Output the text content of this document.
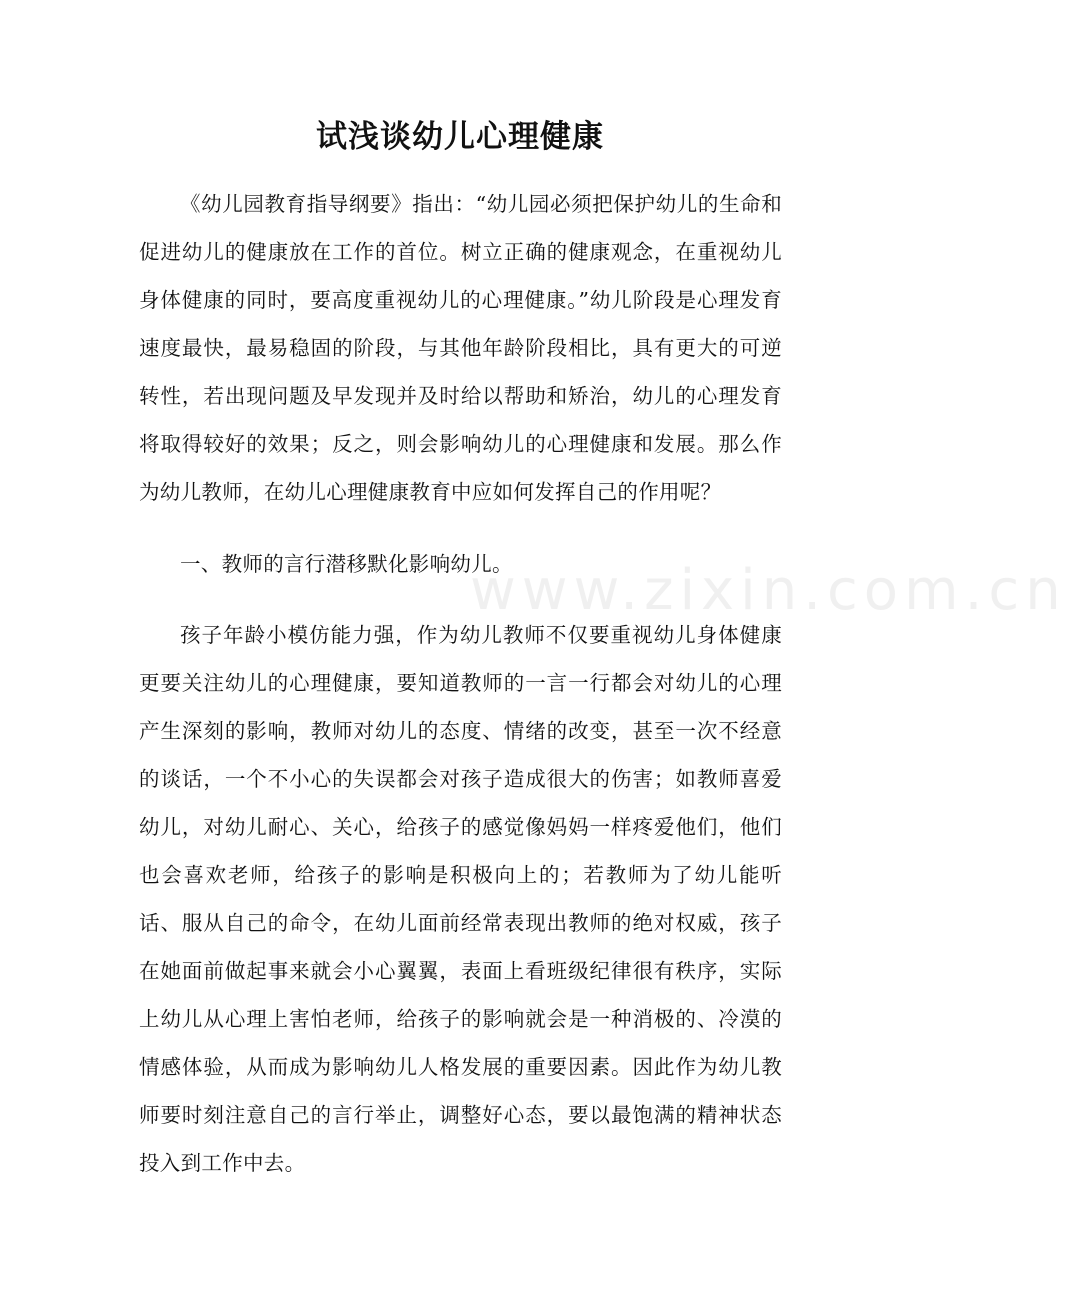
www.zixin.com.cn
试浅谈幼儿心理健康

《幼儿园教育指导纲要》指出：“幼儿园必须把保护幼儿的生命和促进幼儿的健康放在工作的首位。树立正确的健康观念，在重视幼儿身体健康的同时，要高度重视幼儿的心理健康。”幼儿阶段是心理发育速度最快，最易稳固的阶段，与其他年龄阶段相比，具有更大的可逆转性，若出现问题及早发现并及时给以帮助和矫治，幼儿的心理发育将取得较好的效果；反之，则会影响幼儿的心理健康和发展。那么作为幼儿教师，在幼儿心理健康教育中应如何发挥自己的作用呢？

一、教师的言行潜移默化影响幼儿。

孩子年龄小模仿能力强，作为幼儿教师不仅要重视幼儿身体健康更要关注幼儿的心理健康，要知道教师的一言一行都会对幼儿的心理产生深刻的影响，教师对幼儿的态度、情绪的改变，甚至一次不经意的谈话，一个不小心的失误都会对孩子造成很大的伤害；如教师喜爱幼儿，对幼儿耐心、关心，给孩子的感觉像妈妈一样疼爱他们，他们也会喜欢老师，给孩子的影响是积极向上的；若教师为了幼儿能听话、服从自己的命令，在幼儿面前经常表现出教师的绝对权威，孩子在她面前做起事来就会小心翼翼，表面上看班级纪律很有秩序，实际上幼儿从心理上害怕老师，给孩子的影响就会是一种消极的、冷漠的情感体验，从而成为影响幼儿人格发展的重要因素。因此作为幼儿教师要时刻注意自己的言行举止，调整好心态，要以最饱满的精神状态投入到工作中去。
